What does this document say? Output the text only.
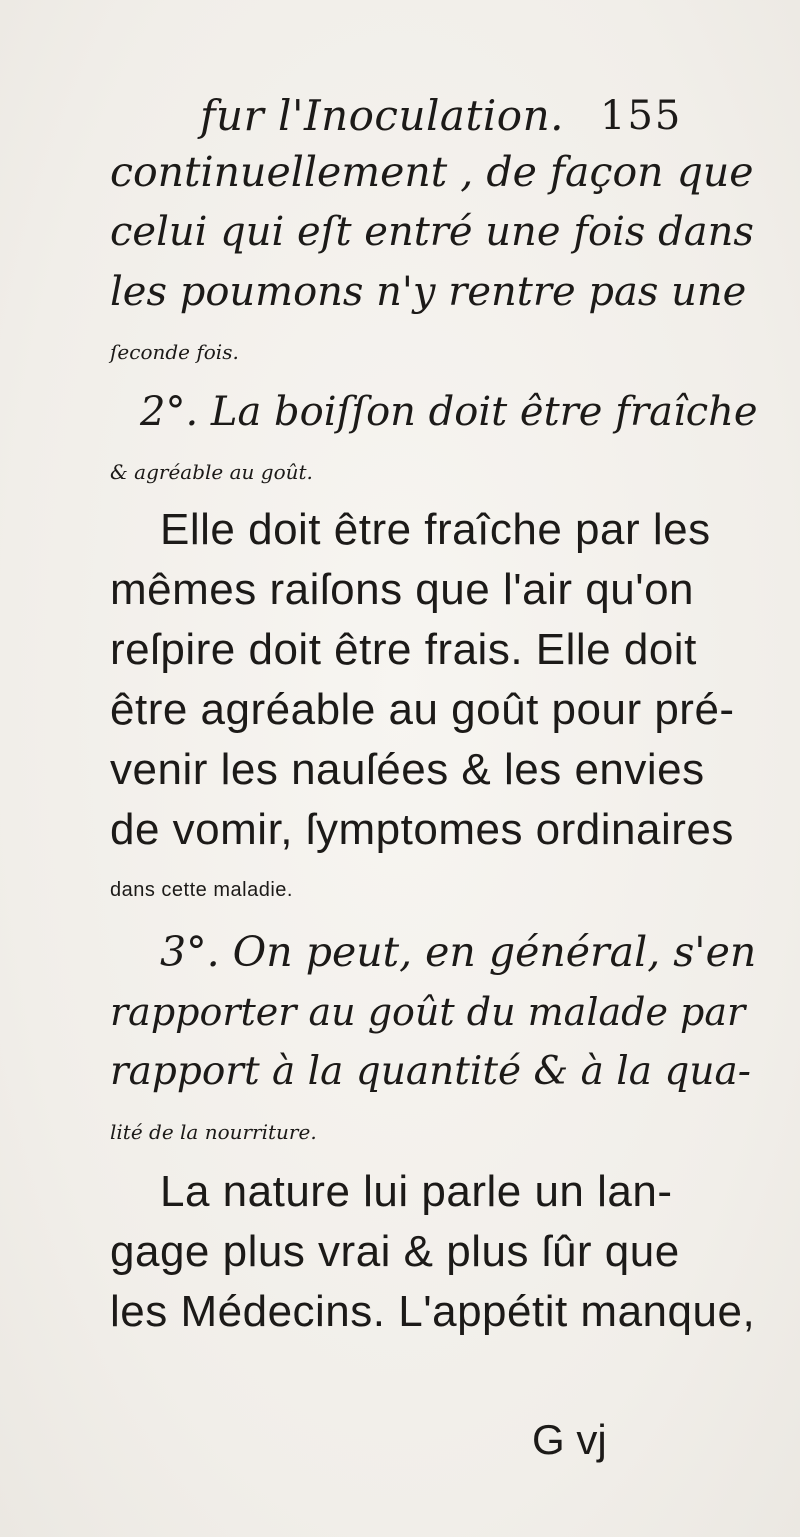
fur l'Inoculation. 155
continuellement , de façon que
celui qui eſt entré une fois dans
les poumons n'y rentre pas une
ſeconde fois.
2°. La boiſſon doit être fraîche
& agréable au goût.
Elle doit être fraîche par les
mêmes raiſons que l'air qu'on
reſpire doit être frais. Elle doit
être agréable au goût pour pré-
venir les nauſées & les envies
de vomir, ſymptomes ordinaires
dans cette maladie.
3°. On peut, en général, s'en
rapporter au goût du malade par
rapport à la quantité & à la qua-
lité de la nourriture.
La nature lui parle un lan-
gage plus vrai & plus ſûr que
les Médecins. L'appétit manque,
G vj
